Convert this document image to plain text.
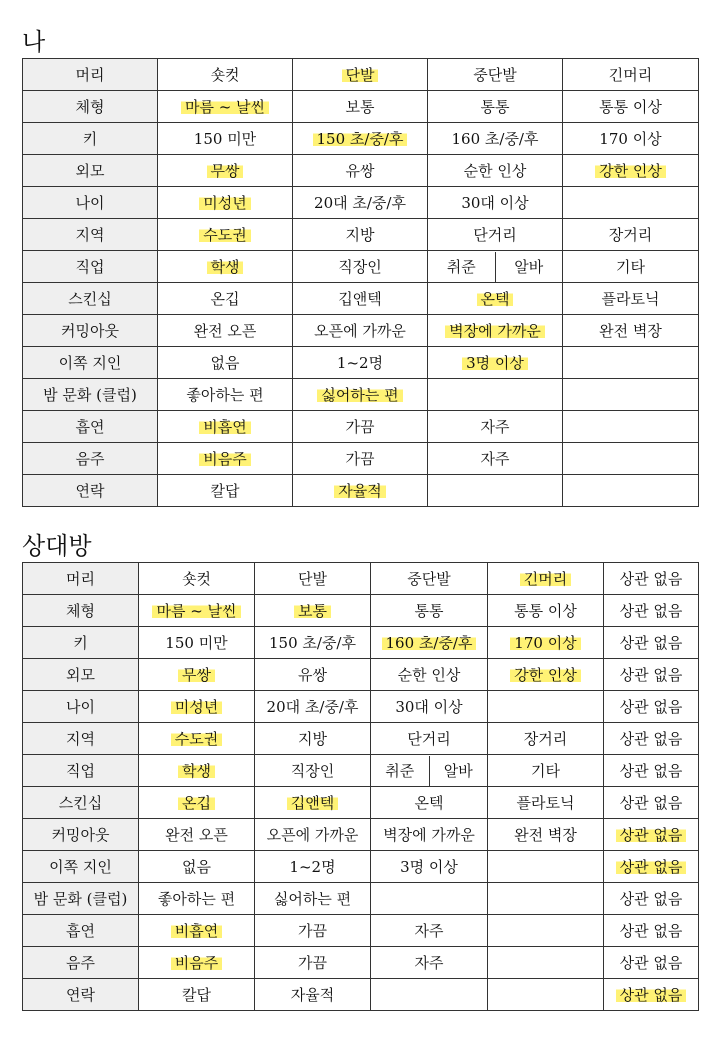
나
머리	숏컷	단발	중단발	긴머리
체형	마름 ~ 날씬	보통	통통	통통 이상
키	150 미만	150 초/중/후	160 초/중/후	170 이상
외모	무쌍	유쌍	순한 인상	강한 인상
나이	미성년	20대 초/중/후	30대 이상	
지역	수도권	지방	단거리	장거리
직업	학생	직장인	취준 알바	기타
스킨십	온깁	깁앤텍	온텍	플라토닉
커밍아웃	완전 오픈	오픈에 가까운	벽장에 가까운	완전 벽장
이쪽 지인	없음	1~2명	3명 이상	
밤 문화 (클럽)	좋아하는 편	싫어하는 편		
흡연	비흡연	가끔	자주	
음주	비음주	가끔	자주	
연락	칼답	자율적		
상대방
머리	숏컷	단발	중단발	긴머리	상관 없음
체형	마름 ~ 날씬	보통	통통	통통 이상	상관 없음
키	150 미만	150 초/중/후	160 초/중/후	170 이상	상관 없음
외모	무쌍	유쌍	순한 인상	강한 인상	상관 없음
나이	미성년	20대 초/중/후	30대 이상		상관 없음
지역	수도권	지방	단거리	장거리	상관 없음
직업	학생	직장인	취준 알바	기타	상관 없음
스킨십	온깁	깁앤텍	온텍	플라토닉	상관 없음
커밍아웃	완전 오픈	오픈에 가까운	벽장에 가까운	완전 벽장	상관 없음
이쪽 지인	없음	1~2명	3명 이상		상관 없음
밤 문화 (클럽)	좋아하는 편	싫어하는 편			상관 없음
흡연	비흡연	가끔	자주		상관 없음
음주	비음주	가끔	자주		상관 없음
연락	칼답	자율적			상관 없음
